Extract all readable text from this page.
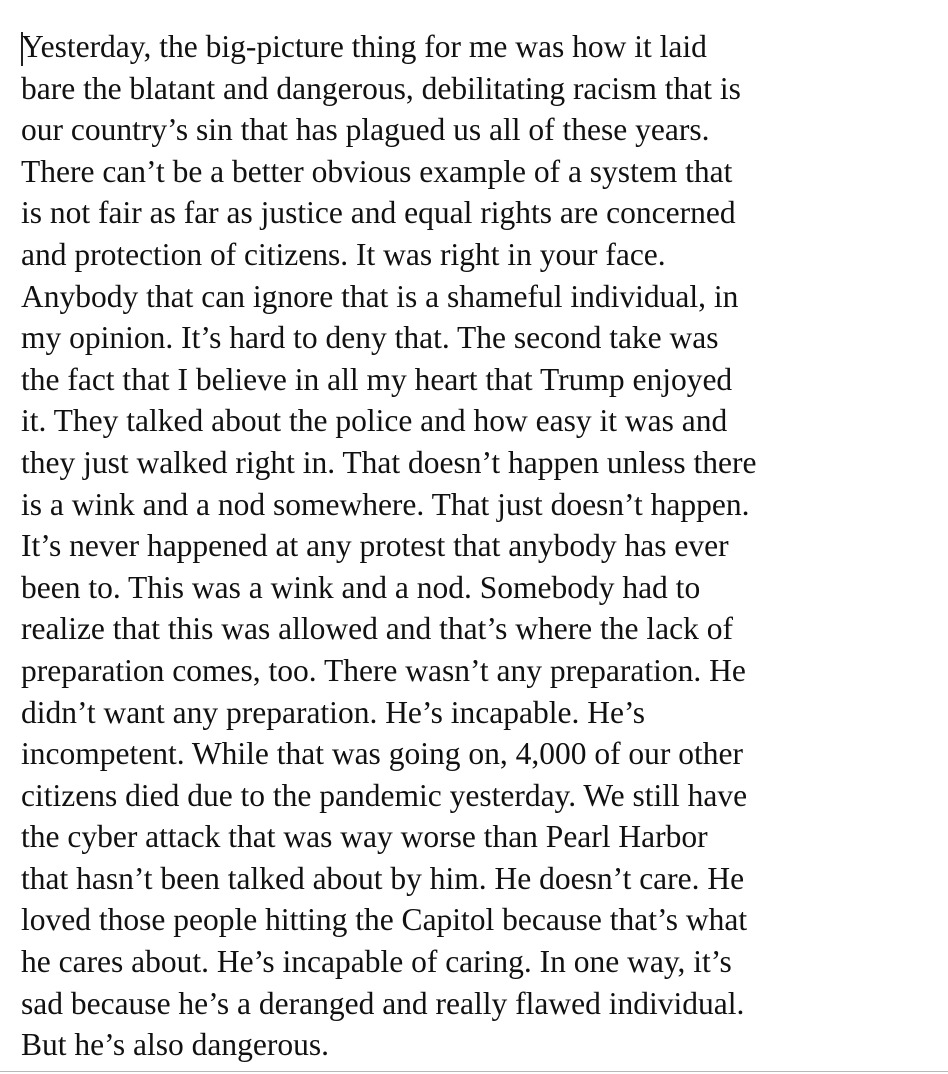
Yesterday, the big-picture thing for me was how it laid
bare the blatant and dangerous, debilitating racism that is
our country’s sin that has plagued us all of these years.
There can’t be a better obvious example of a system that
is not fair as far as justice and equal rights are concerned
and protection of citizens. It was right in your face.
Anybody that can ignore that is a shameful individual, in
my opinion. It’s hard to deny that. The second take was
the fact that I believe in all my heart that Trump enjoyed
it. They talked about the police and how easy it was and
they just walked right in. That doesn’t happen unless there
is a wink and a nod somewhere. That just doesn’t happen.
It’s never happened at any protest that anybody has ever
been to. This was a wink and a nod. Somebody had to
realize that this was allowed and that’s where the lack of
preparation comes, too. There wasn’t any preparation. He
didn’t want any preparation. He’s incapable. He’s
incompetent. While that was going on, 4,000 of our other
citizens died due to the pandemic yesterday. We still have
the cyber attack that was way worse than Pearl Harbor
that hasn’t been talked about by him. He doesn’t care. He
loved those people hitting the Capitol because that’s what
he cares about. He’s incapable of caring. In one way, it’s
sad because he’s a deranged and really flawed individual.
But he’s also dangerous.
